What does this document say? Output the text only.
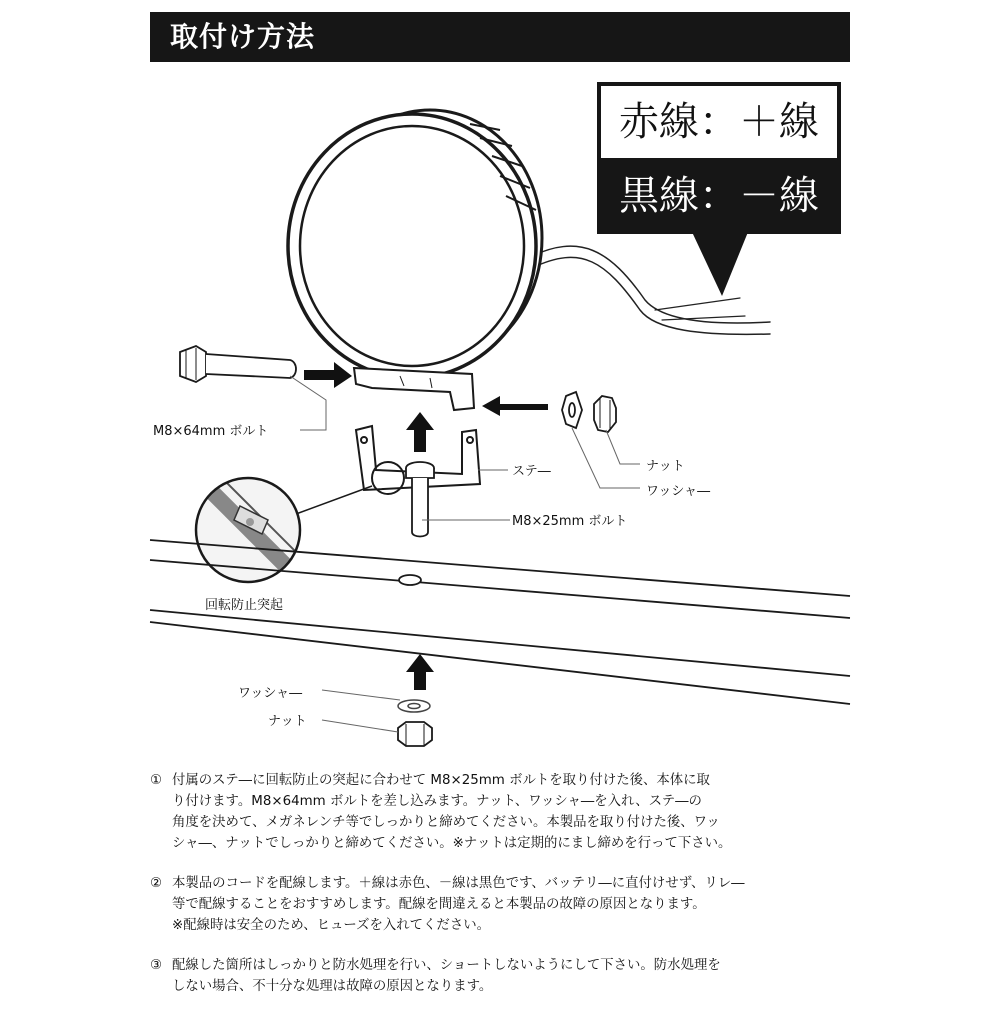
取付け方法
赤線：＋線
黒線：－線
M8×64mm ボルト
ステ―
M8×25mm ボルト
ナット
ワッシャ―
回転防止突起
ワッシャ―
ナット
① 付属のステ―に回転防止の突起に合わせて M8×25mm ボルトを取り付けた後、本体に取

り付けます。M8×64mm ボルトを差し込みます。ナット、ワッシャ―を入れ、ステ―の

角度を決めて、メガネレンチ等でしっかりと締めてください。本製品を取り付けた後、ワッ

シャ―、ナットでしっかりと締めてください。※ナットは定期的にまし締めを行って下さい。

② 本製品のコードを配線します。＋線は赤色、－線は黒色です、バッテリ―に直付けせず、リレ―

等で配線することをおすすめします。配線を間違えると本製品の故障の原因となります。

※配線時は安全のため、ヒューズを入れてください。

③ 配線した箇所はしっかりと防水処理を行い、ショートしないようにして下さい。防水処理を

しない場合、不十分な処理は故障の原因となります。
